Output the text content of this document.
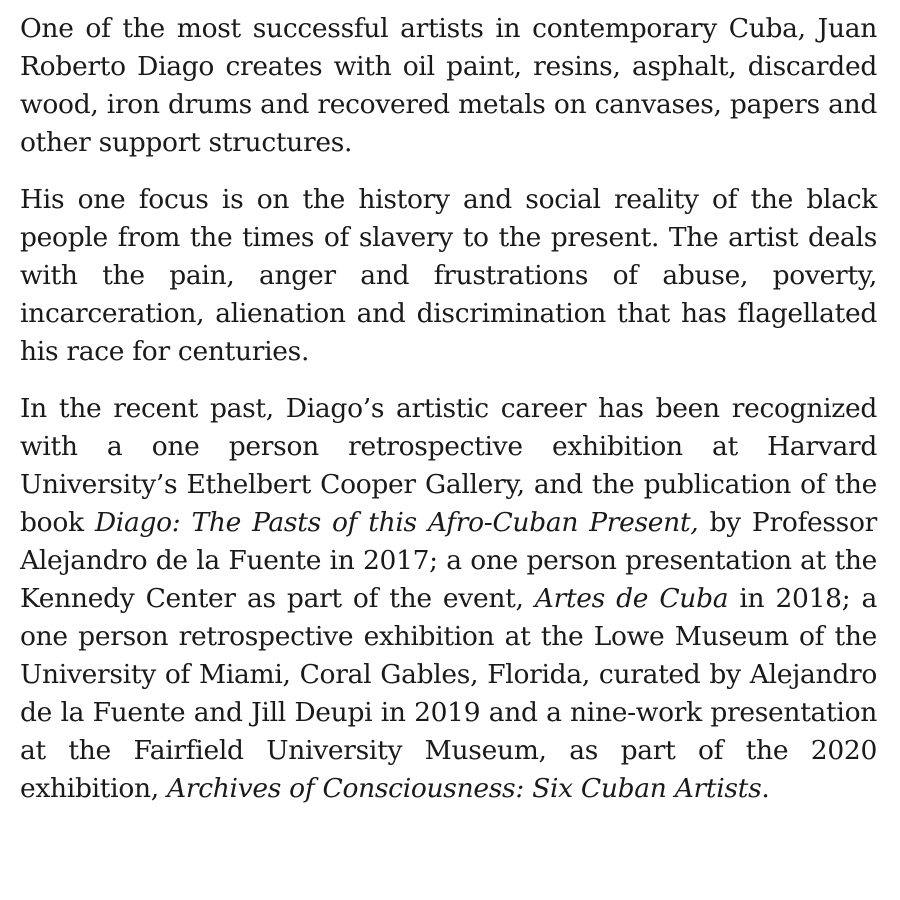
One of the most successful artists in contemporary Cuba, Juan Roberto Diago creates with oil paint, resins, asphalt, discarded wood, iron drums and recovered metals on canvases, papers and other support structures.

His one focus is on the history and social reality of the black people from the times of slavery to the present. The artist deals with the pain, anger and frustrations of abuse, poverty, incarceration, alienation and discrimination that has flagellated his race for centuries.

In the recent past, Diago’s artistic career has been recognized with a one person retrospective exhibition at Harvard University’s Ethelbert Cooper Gallery, and the publication of the book Diago: The Pasts of this Afro-Cuban Present, by Professor Alejandro de la Fuente in 2017; a one person presentation at the Kennedy Center as part of the event, Artes de Cuba in 2018; a one person retrospective exhibition at the Lowe Museum of the University of Miami, Coral Gables, Florida, curated by Alejandro de la Fuente and Jill Deupi in 2019 and a nine-work presentation at the Fairfield University Museum, as part of the 2020 exhibition, Archives of Consciousness: Six Cuban Artists.
